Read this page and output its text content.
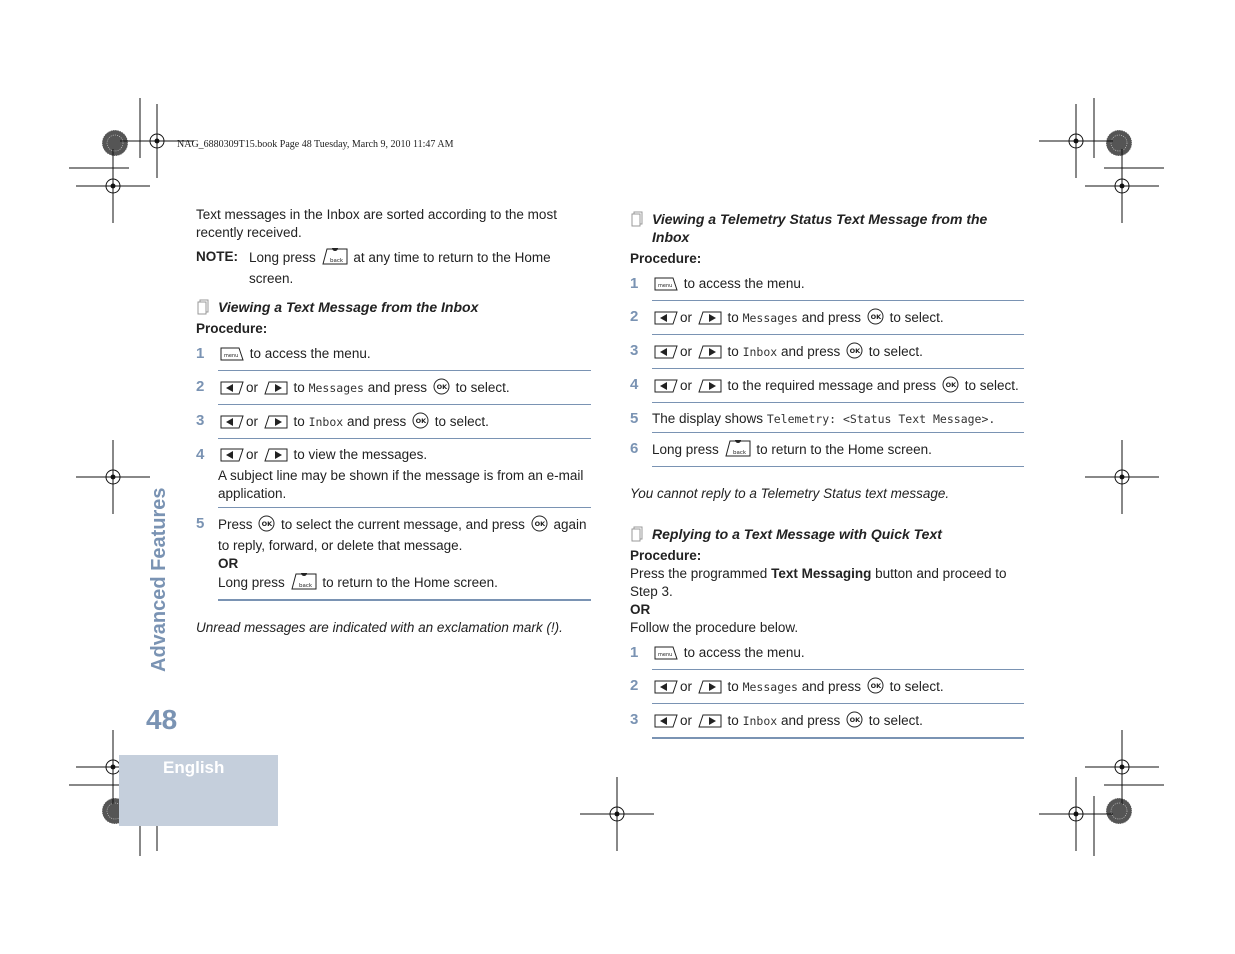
NAG_6880309T15.book Page 48 Tuesday, March 9, 2010 11:47 AM
Advanced Features
48
English

Text messages in the Inbox are sorted according to the most recently received.

NOTE: Long press	back at any time to return to the Home screen.
Viewing a Text Message from the Inbox
Procedure:
1	menu to access the menu.
2	or	to Messages and press OK to select.
3	or	to Inbox and press OK to select.
4	or	to view the messages.
A subject line may be shown if the message is from an e-mail application.
5	Press OK to select the current message, and press OK again to reply, forward, or delete that message.
OR
Long press	back to return to the Home screen.

Unread messages are indicated with an exclamation mark (!).

Viewing a Telemetry Status Text Message from the Inbox
Procedure:
1	menu to access the menu.
2	or	to Messages and press OK to select.
3	or	to Inbox and press OK to select.
4	or	to the required message and press OK to select.
5	The display shows Telemetry: <Status Text Message>.
6	Long press	back to return to the Home screen.

You cannot reply to a Telemetry Status text message.

Replying to a Text Message with Quick Text
Procedure:

Press the programmed Text Messaging button and proceed to Step 3.

OR

Follow the procedure below.

1	menu to access the menu.
2	or	to Messages and press OK to select.
3	or	to Inbox and press OK to select.
